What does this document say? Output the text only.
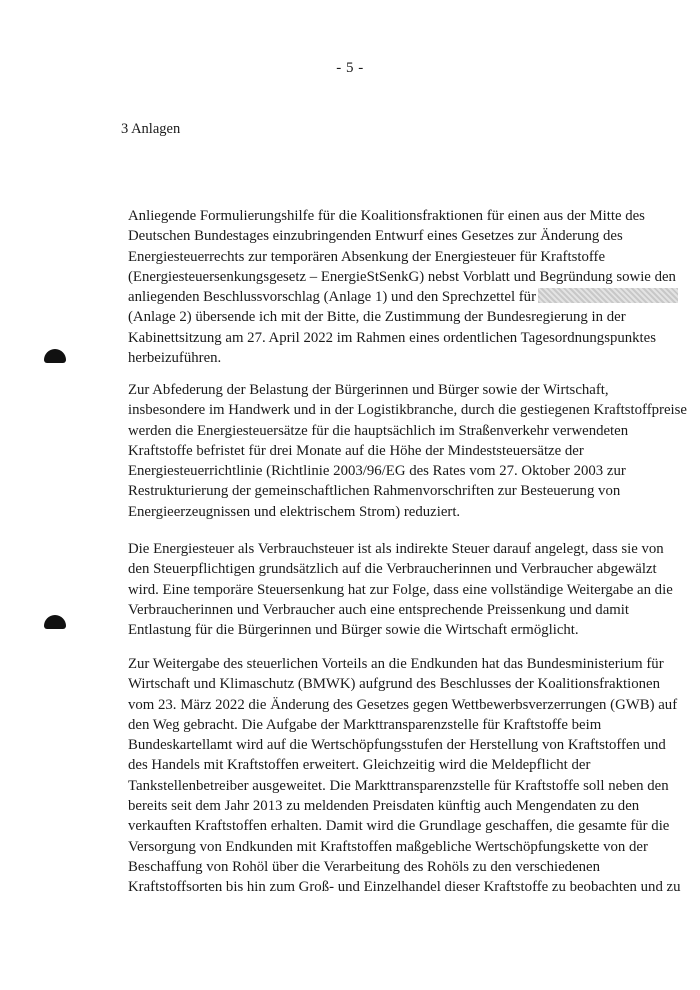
- 5 -
3 Anlagen
Anliegende Formulierungshilfe für die Koalitionsfraktionen für einen aus der Mitte des
Deutschen Bundestages einzubringenden Entwurf eines Gesetzes zur Änderung des
Energiesteuerrechts zur temporären Absenkung der Energiesteuer für Kraftstoffe
(Energiesteuersenkungsgesetz – EnergieStSenkG) nebst Vorblatt und Begründung sowie den
anliegenden Beschlussvorschlag (Anlage 1) und den Sprechzettel für
(Anlage 2) übersende ich mit der Bitte, die Zustimmung der Bundesregierung in der
Kabinettsitzung am 27. April 2022 im Rahmen eines ordentlichen Tagesordnungspunktes
herbeizuführen.
Zur Abfederung der Belastung der Bürgerinnen und Bürger sowie der Wirtschaft,
insbesondere im Handwerk und in der Logistikbranche, durch die gestiegenen Kraftstoffpreise
werden die Energiesteuersätze für die hauptsächlich im Straßenverkehr verwendeten
Kraftstoffe befristet für drei Monate auf die Höhe der Mindeststeuersätze der
Energiesteuerrichtlinie (Richtlinie 2003/96/EG des Rates vom 27. Oktober 2003 zur
Restrukturierung der gemeinschaftlichen Rahmenvorschriften zur Besteuerung von
Energieerzeugnissen und elektrischem Strom) reduziert.
Die Energiesteuer als Verbrauchsteuer ist als indirekte Steuer darauf angelegt, dass sie von
den Steuerpflichtigen grundsätzlich auf die Verbraucherinnen und Verbraucher abgewälzt
wird. Eine temporäre Steuersenkung hat zur Folge, dass eine vollständige Weitergabe an die
Verbraucherinnen und Verbraucher auch eine entsprechende Preissenkung und damit
Entlastung für die Bürgerinnen und Bürger sowie die Wirtschaft ermöglicht.
Zur Weitergabe des steuerlichen Vorteils an die Endkunden hat das Bundesministerium für
Wirtschaft und Klimaschutz (BMWK) aufgrund des Beschlusses der Koalitionsfraktionen
vom 23. März 2022 die Änderung des Gesetzes gegen Wettbewerbsverzerrungen (GWB) auf
den Weg gebracht. Die Aufgabe der Markttransparenzstelle für Kraftstoffe beim
Bundeskartellamt wird auf die Wertschöpfungsstufen der Herstellung von Kraftstoffen und
des Handels mit Kraftstoffen erweitert. Gleichzeitig wird die Meldepflicht der
Tankstellenbetreiber ausgeweitet. Die Markttransparenzstelle für Kraftstoffe soll neben den
bereits seit dem Jahr 2013 zu meldenden Preisdaten künftig auch Mengendaten zu den
verkauften Kraftstoffen erhalten. Damit wird die Grundlage geschaffen, die gesamte für die
Versorgung von Endkunden mit Kraftstoffen maßgebliche Wertschöpfungskette von der
Beschaffung von Rohöl über die Verarbeitung des Rohöls zu den verschiedenen
Kraftstoffsorten bis hin zum Groß- und Einzelhandel dieser Kraftstoffe zu beobachten und zu
